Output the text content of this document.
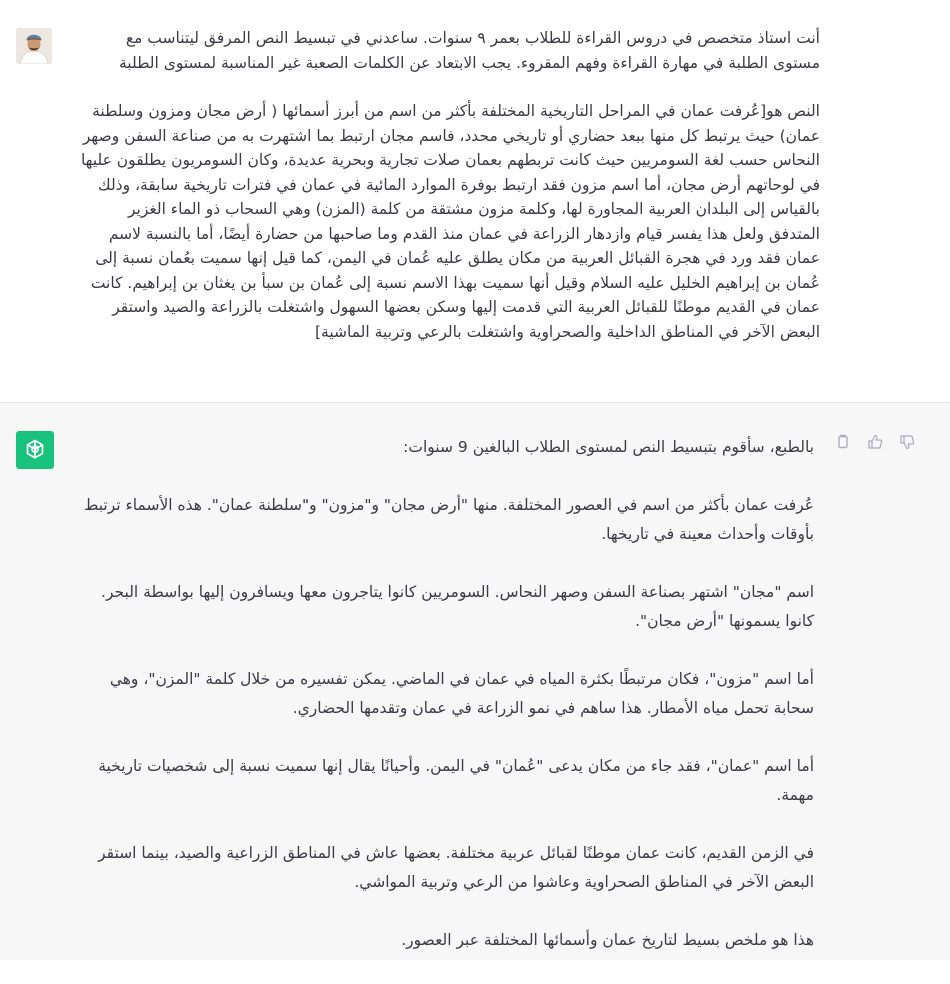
أنت استاذ متخصص في دروس القراءة للطلاب بعمر ٩ سنوات. ساعدني في تبسيط النص المرفق ليتناسب مع مستوى الطلبة في مهارة القراءة وفهم المقروء. يجب الابتعاد عن الكلمات الصعبة غير المناسبة لمستوى الطلبة

النص هو[عُرفت عمان في المراحل التاريخية المختلفة بأكثر من اسم من أبرز أسمائها ( أرض مجان ومزون وسلطنة عمان) حيث يرتبط كل منها ببعد حضاري أو تاريخي محدد، فاسم مجان ارتبط بما اشتهرت به من صناعة السفن وصهر النحاس حسب لغة السومريين حيث كانت تربطهم بعمان صلات تجارية وبحرية عديدة، وكان السومريون يطلقون عليها في لوحاتهم أرض مجان، أما اسم مزون فقد ارتبط بوفرة الموارد المائية في عمان في فترات تاريخية سابقة، وذلك بالقياس إلى البلدان العربية المجاورة لها، وكلمة مزون مشتقة من كلمة (المزن) وهي السحاب ذو الماء الغزير المتدفق ولعل هذا يفسر قيام وازدهار الزراعة في عمان منذ القدم وما صاحبها من حضارة أيضًا، أما بالنسبة لاسم عمان فقد ورد في هجرة القبائل العربية من مكان يطلق عليه عُمان في اليمن، كما قيل إنها سميت بعُمان نسبة إلى عُمان بن إبراهيم الخليل عليه السلام وقيل أنها سميت بهذا الاسم نسبة إلى عُمان بن سبأ بن يغثان بن إبراهيم. كانت عمان في القديم موطنًا للقبائل العربية التي قدمت إليها وسكن بعضها السهول واشتغلت بالزراعة والصيد واستقر البعض الآخر في المناطق الداخلية والصحراوية واشتغلت بالرعي وتربية الماشية]

بالطبع، سأقوم بتبسيط النص لمستوى الطلاب البالغين 9 سنوات:

عُرفت عمان بأكثر من اسم في العصور المختلفة. منها "أرض مجان" و"مزون" و"سلطنة عمان". هذه الأسماء ترتبط بأوقات وأحداث معينة في تاريخها.

اسم "مجان" اشتهر بصناعة السفن وصهر النحاس. السومريين كانوا يتاجرون معها ويسافرون إليها بواسطة البحر. كانوا يسمونها "أرض مجان".

أما اسم "مزون"، فكان مرتبطًا بكثرة المياه في عمان في الماضي. يمكن تفسيره من خلال كلمة "المزن"، وهي سحابة تحمل مياه الأمطار. هذا ساهم في نمو الزراعة في عمان وتقدمها الحضاري.

أما اسم "عمان"، فقد جاء من مكان يدعى "عُمان" في اليمن. وأحيانًا يقال إنها سميت نسبة إلى شخصيات تاريخية مهمة.

في الزمن القديم، كانت عمان موطنًا لقبائل عربية مختلفة. بعضها عاش في المناطق الزراعية والصيد، بينما استقر البعض الآخر في المناطق الصحراوية وعاشوا من الرعي وتربية المواشي.

هذا هو ملخص بسيط لتاريخ عمان وأسمائها المختلفة عبر العصور.
